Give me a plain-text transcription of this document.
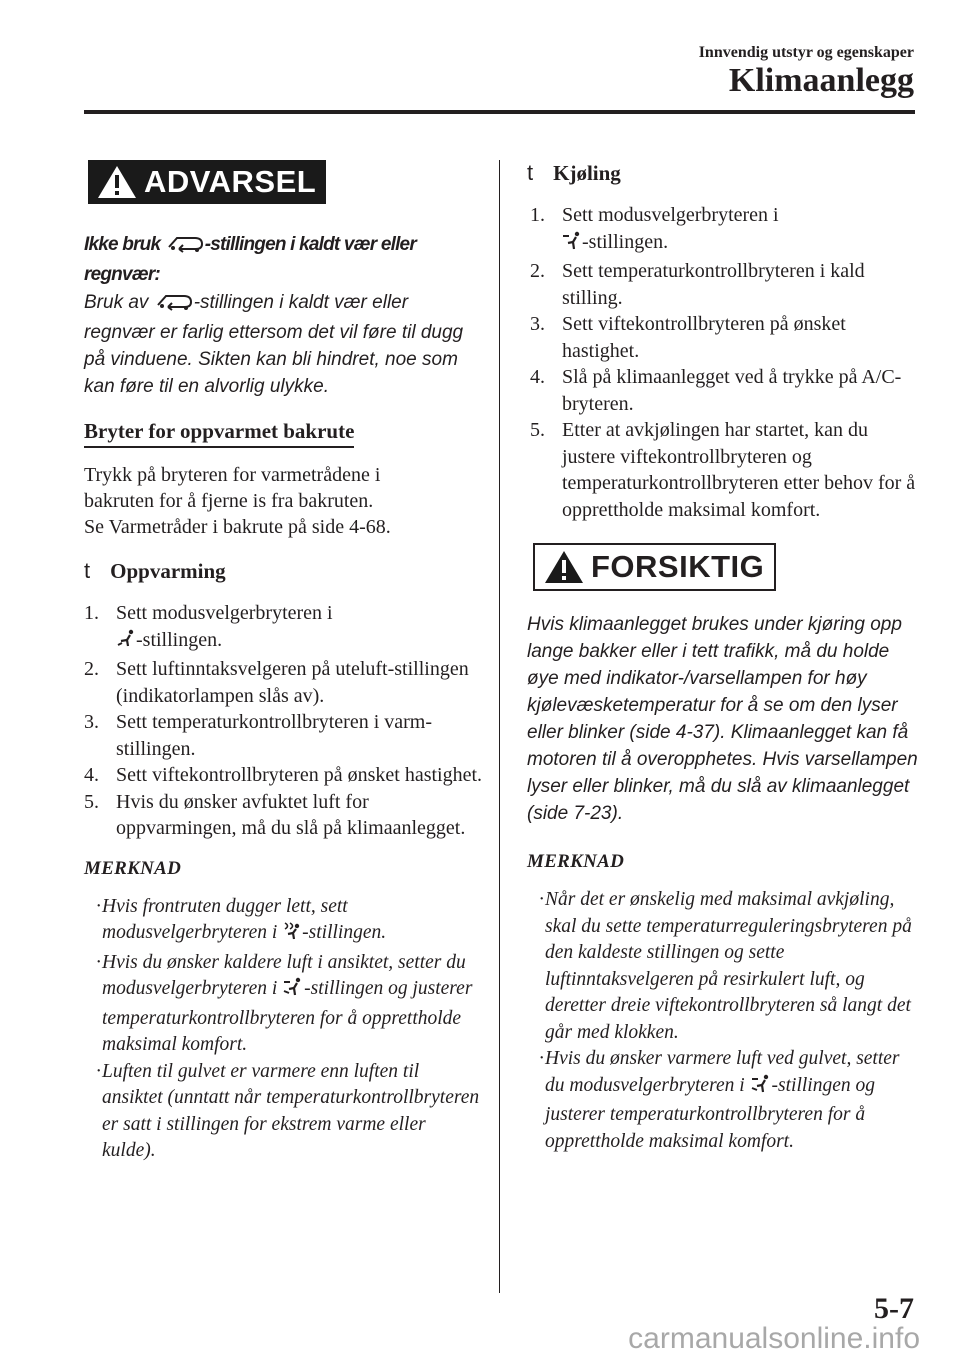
Innvendig utstyr og egenskaper
Klimaanlegg
ADVARSEL

Ikke bruk -stillingen i kaldt vær eller regnvær:

Bruk av -stillingen i kaldt vær eller regnvær er farlig ettersom det vil føre til dugg på vinduene. Sikten kan bli hindret, noe som kan føre til en alvorlig ulykke.

Bryter for oppvarmet bakrute

Trykk på bryteren for varmetrådene i
bakruten for å fjerne is fra bakruten.
Se Varmetråder i bakrute på side 4-68.

t Oppvarming
1. Sett modusvelgerbryteren i
-stillingen.
2. Sett luftinntaksvelgeren på uteluft-stillingen (indikatorlampen slås av).
3. Sett temperaturkontrollbryteren i varm-stillingen.
4. Sett viftekontrollbryteren på ønsket hastighet.
5. Hvis du ønsker avfuktet luft for oppvarmingen, må du slå på klimaanlegget.

MERKNAD

· Hvis frontruten dugger lett, sett modusvelgerbryteren i -stillingen.
· Hvis du ønsker kaldere luft i ansiktet, setter du modusvelgerbryteren i -stillingen og justerer temperaturkontrollbryteren for å opprettholde maksimal komfort.
· Luften til gulvet er varmere enn luften til ansiktet (unntatt når temperaturkontrollbryteren er satt i stillingen for ekstrem varme eller kulde).
t Kjøling
1. Sett modusvelgerbryteren i
-stillingen.
2. Sett temperaturkontrollbryteren i kald stilling.
3. Sett viftekontrollbryteren på ønsket hastighet.
4. Slå på klimaanlegget ved å trykke på A/C-bryteren.
5. Etter at avkjølingen har startet, kan du justere viftekontrollbryteren og temperaturkontrollbryteren etter behov for å opprettholde maksimal komfort.
FORSIKTIG

Hvis klimaanlegget brukes under kjøring opp lange bakker eller i tett trafikk, må du holde øye med indikator-/varsellampen for høy kjølevæsketemperatur for å se om den lyser eller blinker (side 4-37). Klimaanlegget kan få motoren til å overopphetes. Hvis varsellampen lyser eller blinker, må du slå av klimaanlegget (side 7-23).

MERKNAD

· Når det er ønskelig med maksimal avkjøling, skal du sette temperaturreguleringsbryteren på den kaldeste stillingen og sette luftinntaksvelgeren på resirkulert luft, og deretter dreie viftekontrollbryteren så langt det går med klokken.
· Hvis du ønsker varmere luft ved gulvet, setter du modusvelgerbryteren i -stillingen og justerer temperaturkontrollbryteren for å opprettholde maksimal komfort.
5-7
carmanualsonline.info
